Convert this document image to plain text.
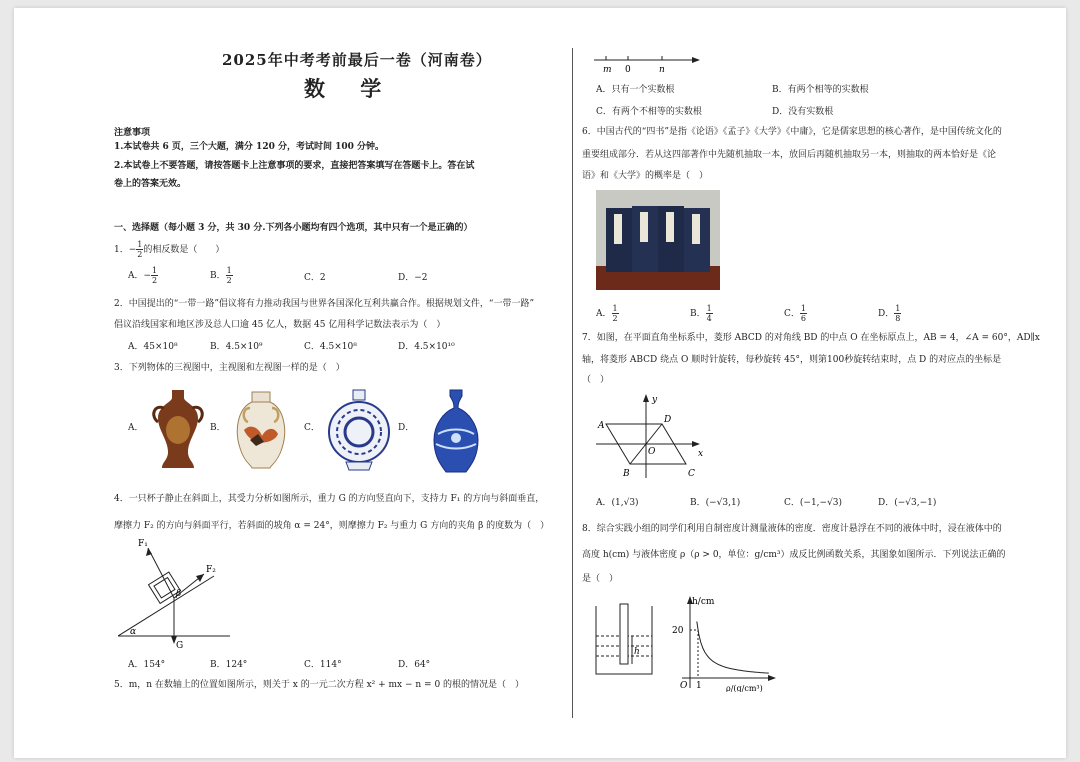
2025年中考考前最后一卷（河南卷）
数 学
注意事项
1.本试卷共 6 页，三个大题，满分 120 分，考试时间 100 分钟。
2.本试卷上不要答题，请按答题卡上注意事项的要求，直接把答案填写在答题卡上。答在试
卷上的答案无效。
一、选择题（每小题 3 分，共 30 分.下列各小题均有四个选项，其中只有一个是正确的）
1．− $\frac{1}{2}$ 的相反数是（　　）
A．− $\frac{1}{2}$	B． $\frac{1}{2}$	C．2	D．−2
2．中国提出的“一带一路”倡议将有力推动我国与世界各国深化互利共赢合作。根据规划文件，“一带一路”
倡议沿线国家和地区涉及总人口逾 45 亿人，数据 45 亿用科学记数法表示为（　）
A．45×10⁸	B．4.5×10⁹	C．4.5×10⁸	D．4.5×10¹⁰
3．下列物体的三视图中，主视图和左视图一样的是（　）
A．	B．	C．	D．
4．一只杯子静止在斜面上，其受力分析如图所示，重力 G 的方向竖直向下，支持力 F₁ 的方向与斜面垂直，
摩擦力 F₂ 的方向与斜面平行，若斜面的坡角 α = 24°，则摩擦力 F₂ 与重力 G 方向的夹角 β 的度数为（　）
F₁
F₂
G
α
β
A．154°	B．124°	C．114°	D．64°
5．m，n 在数轴上的位置如图所示，则关于 x 的一元二次方程 x² + mx − n = 0 的根的情况是（　）
m 0	n
A．只有一个实数根	B．有两个相等的实数根
C．有两个不相等的实数根	D．没有实数根
6．中国古代的“四书”是指《论语》《孟子》《大学》《中庸》，它是儒家思想的核心著作，是中国传统文化的
重要组成部分．若从这四部著作中先随机抽取一本，放回后再随机抽取另一本，则抽取的两本恰好是《论
语》和《大学》的概率是（　）
A． $\frac{1}{2}$	B． $\frac{1}{4}$	C． $\frac{1}{6}$	D． $\frac{1}{8}$
7．如图，在平面直角坐标系中，菱形 ABCD 的对角线 BD 的中点 O 在坐标原点上，AB = 4，∠A = 60°，AD∥x
轴，将菱形 ABCD 绕点 O 顺时针旋转，每秒旋转 45°，则第100秒旋转结束时，点 D 的对应点的坐标是
（　）
A
B	C
D
O	x
y
A．(1,√3)	B．(−√3,1)	C．(−1,−√3)	D．(−√3,−1)
8．综合实践小组的同学们利用自制密度计测量液体的密度．密度计悬浮在不同的液体中时，浸在液体中的
高度 h(cm) 与液体密度 ρ（ρ > 0，单位：g/cm³）成反比例函数关系，其图象如图所示．下列说法正确的
是（　）
h
h/cm
20
O 1	ρ/(g/cm³)
